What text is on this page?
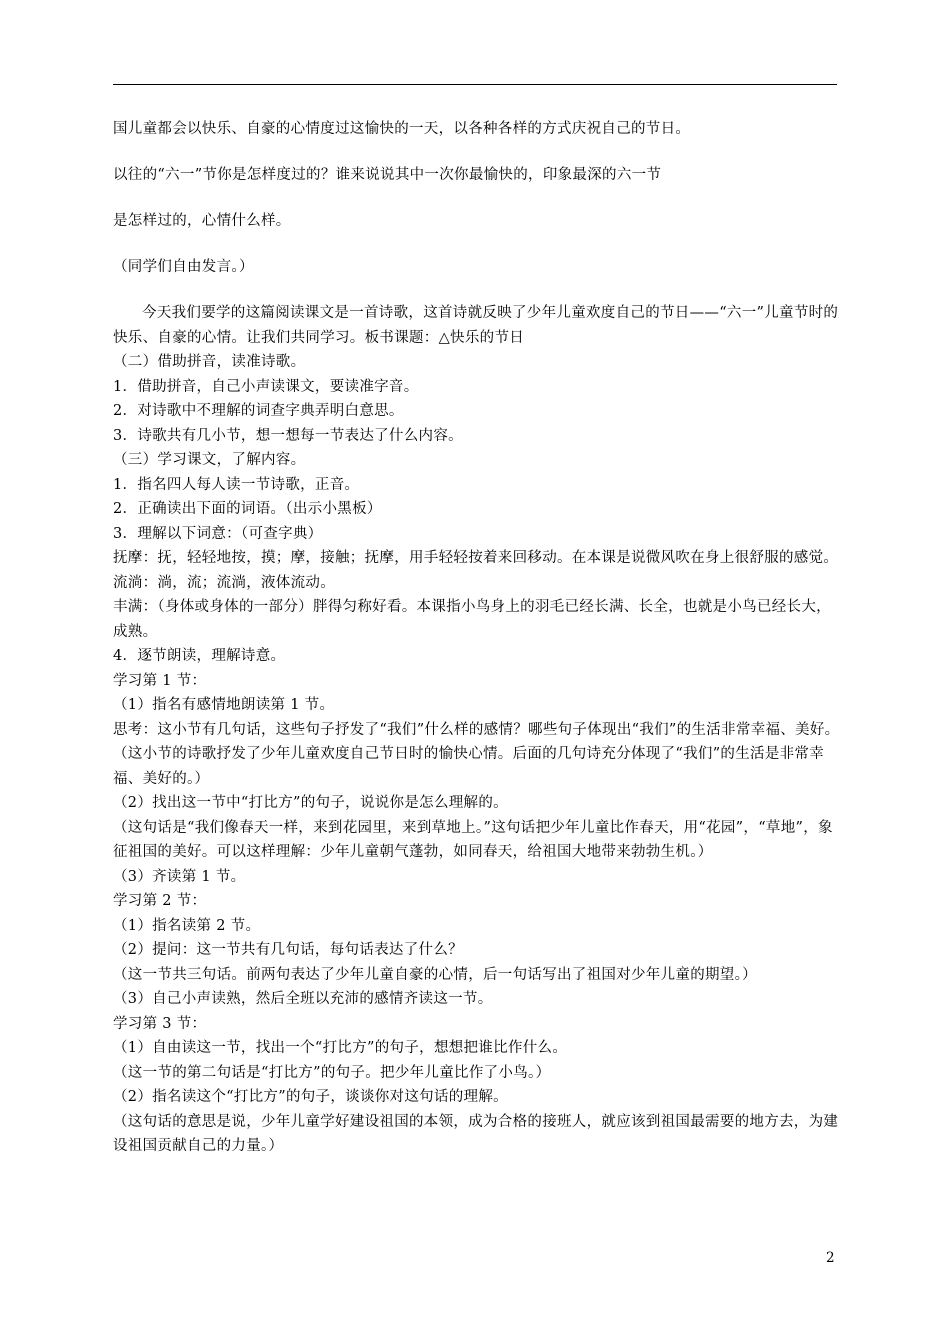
国儿童都会以快乐、自豪的心情度过这愉快的一天，以各种各样的方式庆祝自己的节日。

以往的“六一”节你是怎样度过的？谁来说说其中一次你最愉快的，印象最深的六一节

是怎样过的，心情什么样。

（同学们自由发言。）

今天我们要学的这篇阅读课文是一首诗歌，这首诗就反映了少年儿童欢度自己的节日——“六一”儿童节时的快乐、自豪的心情。让我们共同学习。板书课题：△快乐的节日

（二）借助拼音，读准诗歌。

1．借助拼音，自己小声读课文，要读准字音。

2．对诗歌中不理解的词查字典弄明白意思。

3．诗歌共有几小节，想一想每一节表达了什么内容。

（三）学习课文，了解内容。

1．指名四人每人读一节诗歌，正音。

2．正确读出下面的词语。（出示小黑板）

3．理解以下词意：（可查字典）

抚摩：抚，轻轻地按，摸；摩，接触；抚摩，用手轻轻按着来回移动。在本课是说微风吹在身上很舒服的感觉。

流淌：淌，流；流淌，液体流动。

丰满：（身体或身体的一部分）胖得匀称好看。本课指小鸟身上的羽毛已经长满、长全，也就是小鸟已经长大，成熟。

4．逐节朗读，理解诗意。

学习第 1 节：

（1）指名有感情地朗读第 1 节。

思考：这小节有几句话，这些句子抒发了“我们”什么样的感情？哪些句子体现出“我们”的生活非常幸福、美好。（这小节的诗歌抒发了少年儿童欢度自己节日时的愉快心情。后面的几句诗充分体现了“我们”的生活是非常幸福、美好的。）

（2）找出这一节中“打比方”的句子，说说你是怎么理解的。

（这句话是“我们像春天一样，来到花园里，来到草地上。”这句话把少年儿童比作春天，用“花园”，“草地”，象征祖国的美好。可以这样理解：少年儿童朝气蓬勃，如同春天，给祖国大地带来勃勃生机。）

（3）齐读第 1 节。

学习第 2 节：

（1）指名读第 2 节。

（2）提问：这一节共有几句话，每句话表达了什么？

（这一节共三句话。前两句表达了少年儿童自豪的心情，后一句话写出了祖国对少年儿童的期望。）

（3）自己小声读熟，然后全班以充沛的感情齐读这一节。

学习第 3 节：

（1）自由读这一节，找出一个“打比方”的句子，想想把谁比作什么。

（这一节的第二句话是“打比方”的句子。把少年儿童比作了小鸟。）

（2）指名读这个“打比方”的句子，谈谈你对这句话的理解。

（这句话的意思是说，少年儿童学好建设祖国的本领，成为合格的接班人，就应该到祖国最需要的地方去，为建设祖国贡献自己的力量。）

2
